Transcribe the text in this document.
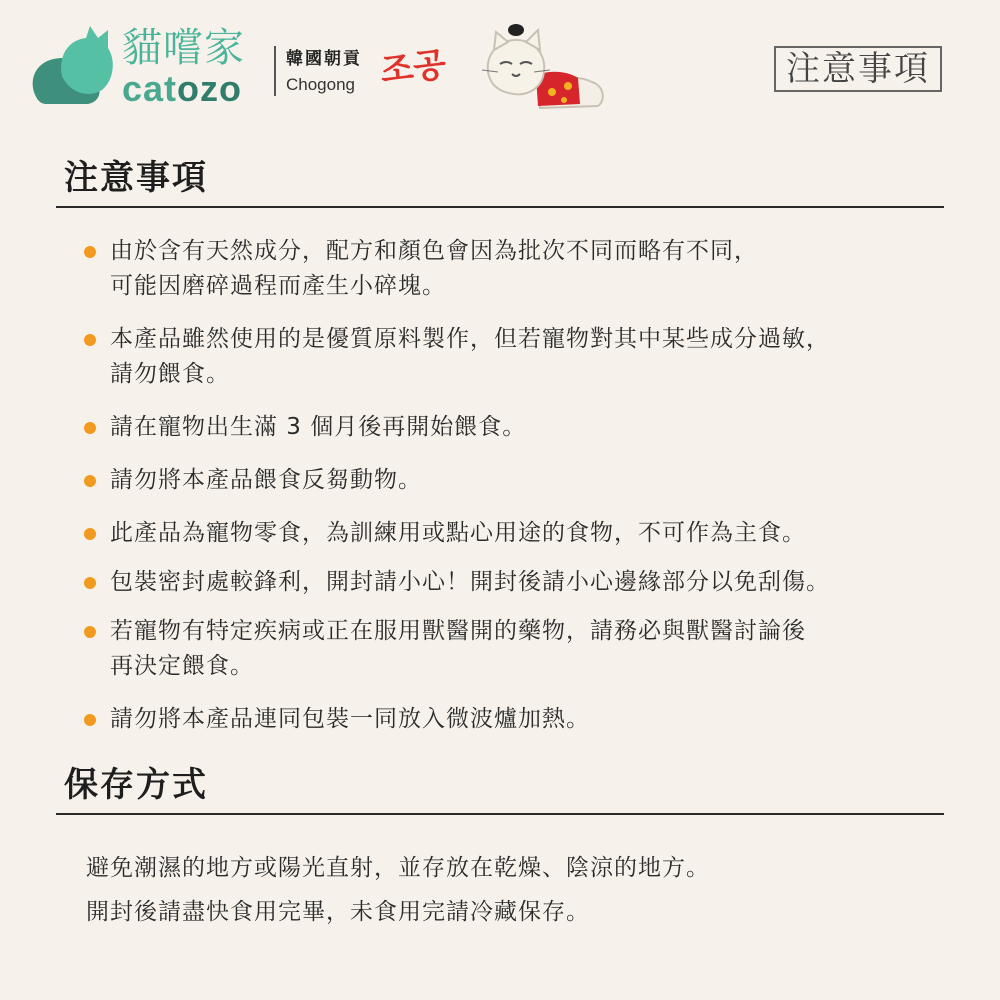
貓嚐家
catozo
韓國朝貢
Chogong 조공	注意事項
注意事項
由於含有天然成分，配方和顏色會因為批次不同而略有不同，
可能因磨碎過程而產生小碎塊。
本產品雖然使用的是優質原料製作，但若寵物對其中某些成分過敏，
請勿餵食。
請在寵物出生滿 3 個月後再開始餵食。
請勿將本產品餵食反芻動物。
此產品為寵物零食，為訓練用或點心用途的食物，不可作為主食。
包裝密封處較鋒利，開封請小心！開封後請小心邊緣部分以免刮傷。
若寵物有特定疾病或正在服用獸醫開的藥物，請務必與獸醫討論後
再決定餵食。
請勿將本產品連同包裝一同放入微波爐加熱。
保存方式
避免潮濕的地方或陽光直射，並存放在乾燥、陰涼的地方。
開封後請盡快食用完畢，未食用完請冷藏保存。
